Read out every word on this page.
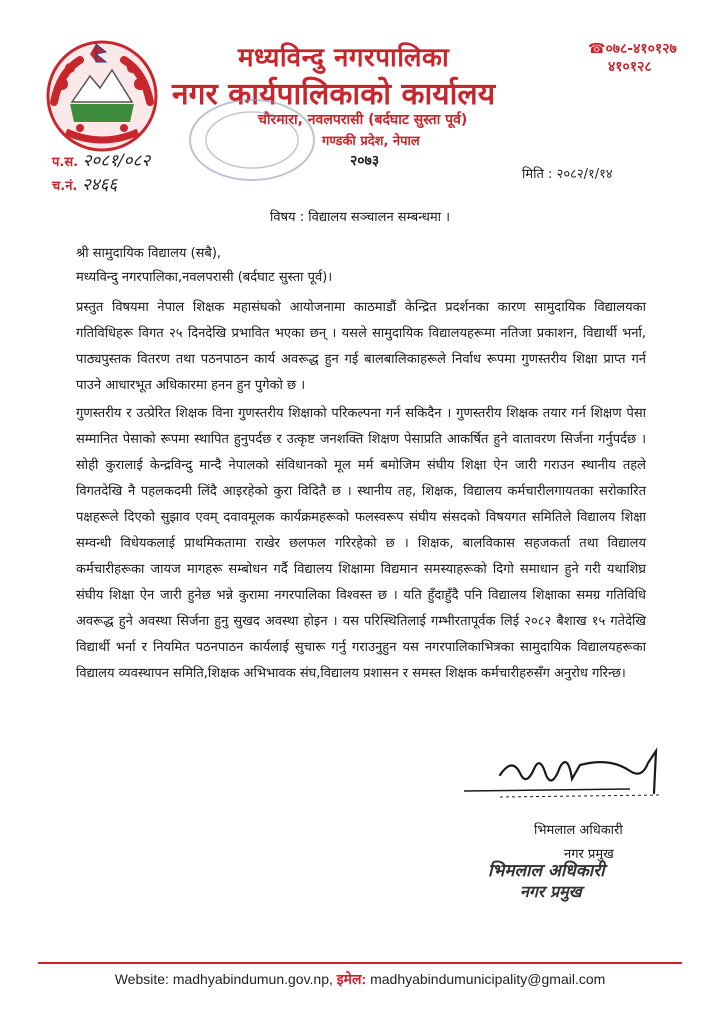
मध्यविन्दु नगरपालिका
नगर कार्यपालिकाको कार्यालय
चौरमारा, नवलपरासी (बर्दघाट सुस्ता पूर्व)
गण्डकी प्रदेश, नेपाल
२०७३
☎०७८-४१०१२७
४१०१२८
प.स. २०८१/०८२
च.नं. २४६६
मिति : २०८२/१/१४
विषय : विद्यालय सञ्चालन सम्बन्धमा ।
श्री सामुदायिक विद्यालय (सबै),
मध्यविन्दु नगरपालिका,नवलपरासी (बर्दघाट सुस्ता पूर्व)।

प्रस्तुत विषयमा नेपाल शिक्षक महासंघको आयोजनामा काठमाडौं केन्द्रित प्रदर्शनका कारण सामुदायिक विद्यालयका गतिविधिहरू विगत २५ दिनदेखि प्रभावित भएका छन् । यसले सामुदायिक विद्यालयहरूमा नतिजा प्रकाशन, विद्यार्थी भर्ना, पाठ्यपुस्तक वितरण तथा पठनपाठन कार्य अवरूद्ध हुन गई बालबालिकाहरूले निर्वाध रूपमा गुणस्तरीय शिक्षा प्राप्त गर्न पाउने आधारभूत अधिकारमा हनन हुन पुगेको छ ।

गुणस्तरीय र उत्प्रेरित शिक्षक विना गुणस्तरीय शिक्षाको परिकल्पना गर्न सकिदैन । गुणस्तरीय शिक्षक तयार गर्न शिक्षण पेसा सम्मानित पेसाको रूपमा स्थापित हुनुपर्दछ र उत्कृष्ट जनशक्ति शिक्षण पेसाप्रति आकर्षित हुने वातावरण सिर्जना गर्नुपर्दछ । सोही कुरालाई केन्द्रविन्दु मान्दै नेपालको संविधानको मूल मर्म बमोजिम संघीय शिक्षा ऐन जारी गराउन स्थानीय तहले विगतदेखि नै पहलकदमी लिंदै आइरहेको कुरा विदितै छ । स्थानीय तह, शिक्षक, विद्यालय कर्मचारीलगायतका सरोकारित पक्षहरूले दिएको सुझाव एवम् दवावमूलक कार्यक्रमहरूको फलस्वरूप संघीय संसदको विषयगत समितिले विद्यालय शिक्षा सम्वन्धी विधेयकलाई प्राथमिकतामा राखेर छलफल गरिरहेको छ । शिक्षक, बालविकास सहजकर्ता तथा विद्यालय कर्मचारीहरूका जायज मागहरू सम्बोधन गर्दै विद्यालय शिक्षामा विद्यमान समस्याहरूको दिगो समाधान हुने गरी यथाशिघ्र संघीय शिक्षा ऐन जारी हुनेछ भन्ने कुरामा नगरपालिका विश्वस्त छ । यति हुँदाहुँदै पनि विद्यालय शिक्षाका समग्र गतिविधि अवरूद्ध हुने अवस्था सिर्जना हुनु सुखद अवस्था होइन । यस परिस्थितिलाई गम्भीरतापूर्वक लिई २०८२ बैशाख १५ गतेदेखि विद्यार्थी भर्ना र नियमित पठनपाठन कार्यलाई सुचारू गर्नु गराउनुहुन यस नगरपालिकाभित्रका सामुदायिक विद्यालयहरूका विद्यालय व्यवस्थापन समिति,शिक्षक अभिभावक संघ,विद्यालय प्रशासन र समस्त शिक्षक कर्मचारीहरुसँग अनुरोध गरिन्छ।

भिमलाल अधिकारी
नगर प्रमुख
भिमलाल अधिकारी
नगर प्रमुख
Website: madhyabindumun.gov.np, इमेल: madhyabindumunicipality@gmail.com
